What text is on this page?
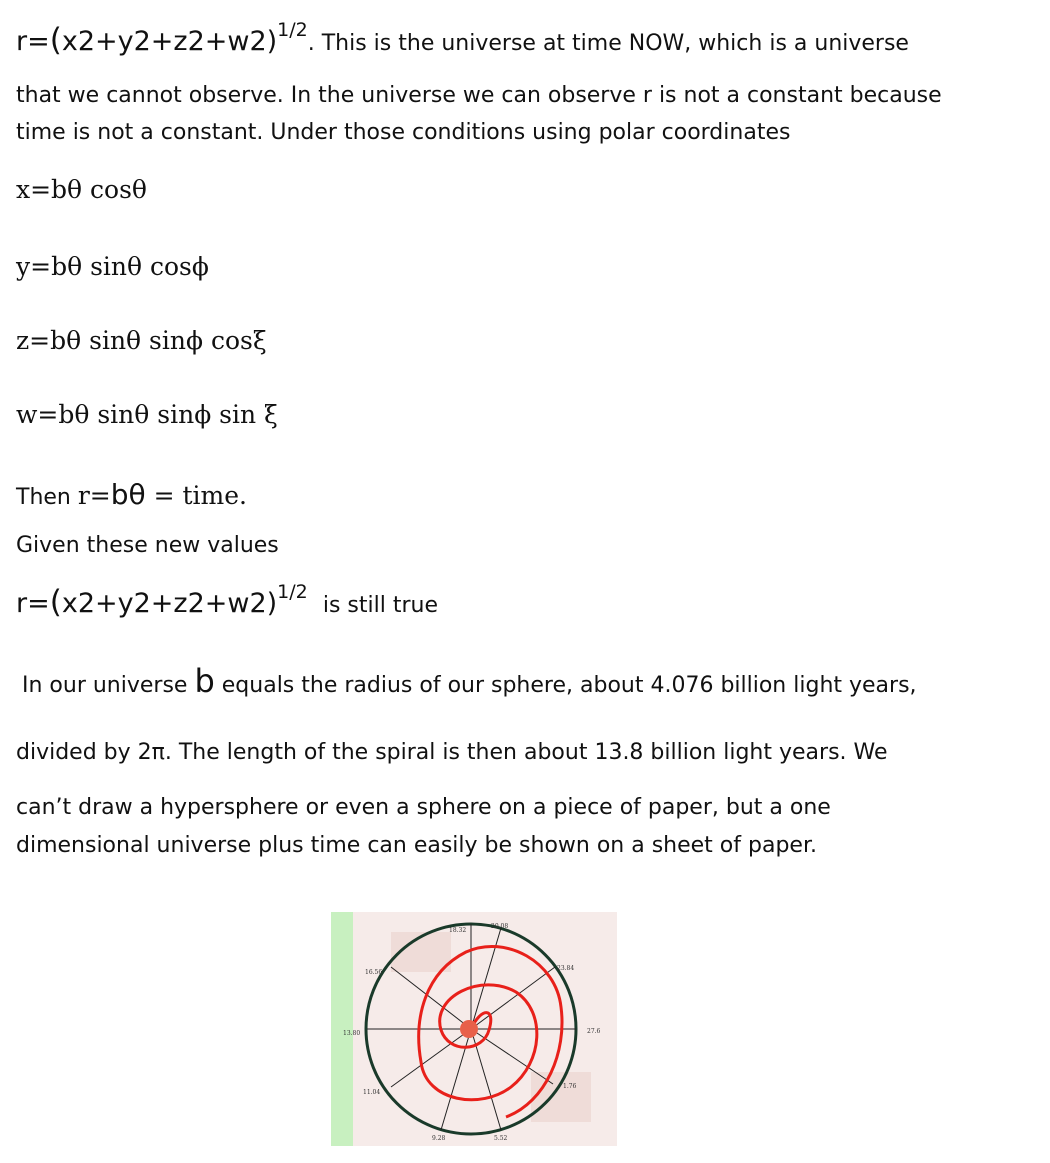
$r=(x2+y2+z2+w2)^{1/2}$. This is the universe at time NOW, which is a universe
that we cannot observe. In the universe we can observe r is not a constant because
time is not a constant. Under those conditions using polar coordinates
x=bθ cosθ
y=bθ sinθ cosϕ
z=bθ sinθ sinϕ cosξ
w=bθ sinθ sinϕ sin ξ
Then r=bθ = time.
Given these new values
$r=(x2+y2+z2+w2)^{1/2}$ is still true
In our universe b equals the radius of our sphere, about 4.076 billion light years,
divided by 2π. The length of the spiral is then about 13.8 billion light years. We
can’t draw a hypersphere or even a sphere on a piece of paper, but a one
dimensional universe plus time can easily be shown on a sheet of paper.
18.32
20.08
16.56
23.84
13.80	27.6
11.04
1.76
9.28	5.52
